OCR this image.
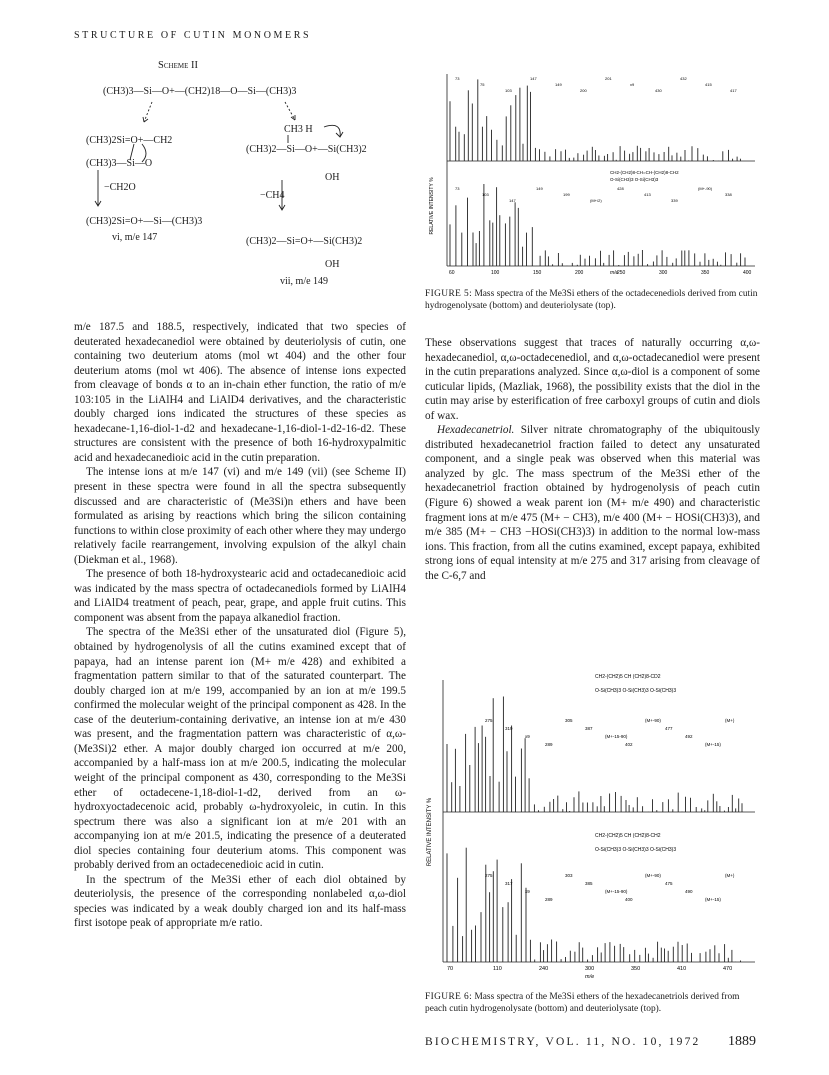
STRUCTURE OF CUTIN MONOMERS
Scheme II
(CH3)3—Si—O+—(CH2)18—O—Si—(CH3)3
(CH3)2Si=O+—CH2
(CH3)3—Si—O
−CH2O
(CH3)2Si=O+—Si—(CH3)3
vi, m/e 147
CH3 H
(CH3)2—Si—O+—Si(CH3)2
OH
−CH4
(CH3)2—Si=O+—Si(CH3)2
OH
vii, m/e 149
RELATIVE INTENSITY %
60	100	150	200	250	300	350	400
m/e
CH2-(CH2)8-CH=CH-(CH2)8-CH2
O-Si(CH3)3 O-Si(CH3)3
73
75
103
147
149
200
201
x9
430
432
415
417
73
103
147
149
199
(M+/2)
428
413
339
(M+-90)
338
FIGURE 5: Mass spectra of the Me3Si ethers of the octadecenediols derived from cutin hydrogenolysate (bottom) and deuteriolysate (top).

m/e 187.5 and 188.5, respectively, indicated that two species of deuterated hexadecanediol were obtained by deuteriolysis of cutin, one containing two deuterium atoms (mol wt 404) and the other four deuterium atoms (mol wt 406). The absence of intense ions expected from cleavage of bonds α to an in-chain ether function, the ratio of m/e 103:105 in the LiAlH4 and LiAlD4 derivatives, and the characteristic doubly charged ions indicated the structures of these species as hexadecane-1,16-diol-1-d2 and hexadecane-1,16-diol-1-d2-16-d2. These structures are consistent with the presence of both 16-hydroxypalmitic acid and hexadecanedioic acid in the cutin preparation.

The intense ions at m/e 147 (vi) and m/e 149 (vii) (see Scheme II) present in these spectra were found in all the spectra subsequently discussed and are characteristic of (Me3Si)n ethers and have been formulated as arising by reactions which bring the silicon containing functions to within close proximity of each other where they may undergo relatively facile rearrangement, involving expulsion of the alkyl chain (Diekman et al., 1968).

The presence of both 18-hydroxystearic acid and octadecanedioic acid was indicated by the mass spectra of octadecanediols formed by LiAlH4 and LiAlD4 treatment of peach, pear, grape, and apple fruit cutins. This component was absent from the papaya alkanediol fraction.

The spectra of the Me3Si ether of the unsaturated diol (Figure 5), obtained by hydrogenolysis of all the cutins examined except that of papaya, had an intense parent ion (M+ m/e 428) and exhibited a fragmentation pattern similar to that of the saturated counterpart. The doubly charged ion at m/e 199, accompanied by an ion at m/e 199.5 confirmed the molecular weight of the principal component as 428. In the case of the deuterium-containing derivative, an intense ion at m/e 430 was present, and the fragmentation pattern was characteristic of α,ω-(Me3Si)2 ether. A major doubly charged ion occurred at m/e 200, accompanied by a half-mass ion at m/e 200.5, indicating the molecular weight of the principal component as 430, corresponding to the Me3Si ether of octadecene-1,18-diol-1-d2, derived from an ω-hydroxyoctadecenoic acid, probably ω-hydroxyoleic, in cutin. In this spectrum there was also a significant ion at m/e 201 with an accompanying ion at m/e 201.5, indicating the presence of a deuterated diol species containing four deuterium atoms. This component was probably derived from an octadecenedioic acid in cutin.

In the spectrum of the Me3Si ether of each diol obtained by deuteriolysis, the presence of the corresponding nonlabeled α,ω-diol species was indicated by a weak doubly charged ion and its half-mass first isotope peak of appropriate m/e ratio.

These observations suggest that traces of naturally occurring α,ω-hexadecanediol, α,ω-octadecenediol, and α,ω-octadecanediol were present in the cutin preparations analyzed. Since α,ω-diol is a component of some cuticular lipids, (Mazliak, 1968), the possibility exists that the diol in the cutin may arise by esterification of free carboxyl groups of cutin and diols of wax.

Hexadecanetriol. Silver nitrate chromatography of the ubiquitously distributed hexadecanetriol fraction failed to detect any unsaturated component, and a single peak was observed when this material was analyzed by glc. The mass spectrum of the Me3Si ether of the hexadecanetriol fraction obtained by hydrogenolysis of peach cutin (Figure 6) showed a weak parent ion (M+ m/e 490) and characteristic fragment ions at m/e 475 (M+ − CH3), m/e 400 (M+ − HOSi(CH3)3), and m/e 385 (M+ − CH3 −HOSi(CH3)3) in addition to the normal low-mass ions. This fraction, from all the cutins examined, except papaya, exhibited strong ions of equal intensity at m/e 275 and 317 arising from cleavage of the C-6,7 and

RELATIVE INTENSITY %
70	110	240	300	350	410	470
m/e
CH2-(CH2)5 CH (CH2)8-CD2
O-Si(CH3)3 O-Si(CH3)3 O-Si(CH3)3
275
319
x9
289
305
387
(M+-15-90)
402
(M+-90)
477
492
(M+-15)
(M+)
CH2-(CH2)5 CH (CH2)8-CH2
O-Si(CH3)3 O-Si(CH3)3 O-Si(CH3)3
275
317
x9
289
303
385
(M+-15-90)
400
(M+-90)
475
490
(M+-15)
(M+)
FIGURE 6: Mass spectra of the Me3Si ethers of the hexadecanetriols derived from peach cutin hydrogenolysate (bottom) and deuteriolysate (top).
BIOCHEMISTRY, VOL. 11, NO. 10, 1972 1889
